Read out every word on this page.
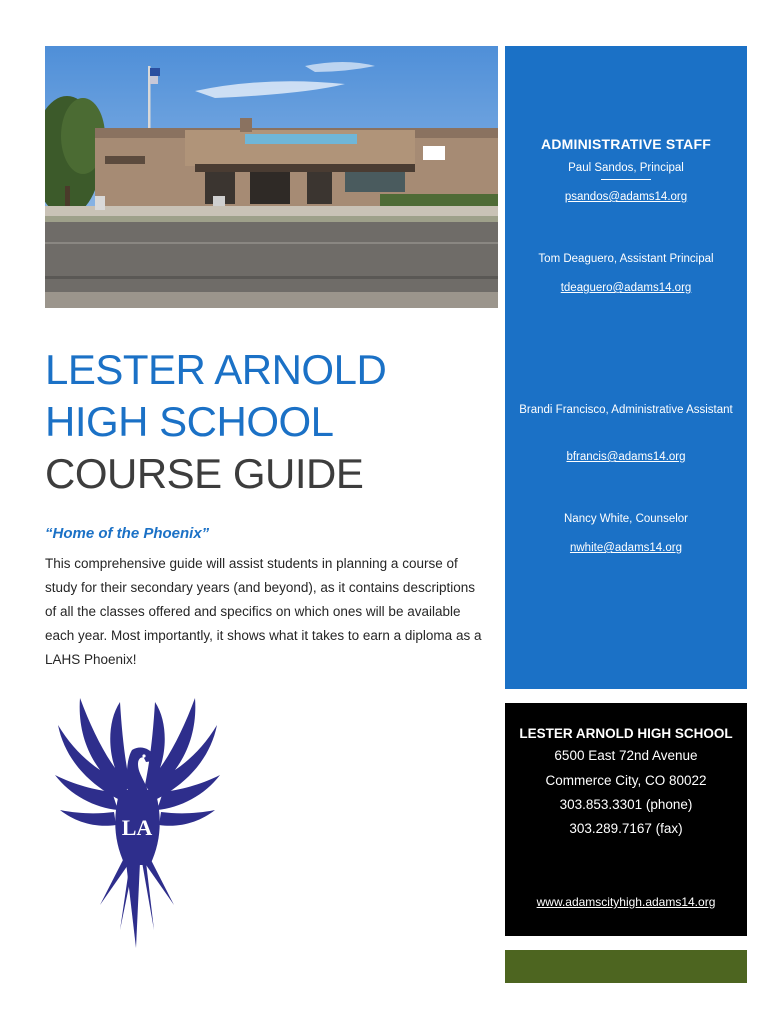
LESTER ARNOLD

HIGH SCHOOL

COURSE GUIDE

“Home of the Phoenix”

This comprehensive guide will assist students in planning a course of study for their secondary years (and beyond), as it contains descriptions of all the classes offered and specifics on which ones will be available each year. Most importantly, it shows what it takes to earn a diploma as a LAHS Phoenix!

ADMINISTRATIVE STAFF
Paul Sandos, Principal
psandos@adams14.org
Tom Deaguero, Assistant Principal
tdeaguero@adams14.org
Brandi Francisco, Administrative Assistant
bfrancis@adams14.org
Nancy White, Counselor
nwhite@adams14.org
LESTER ARNOLD HIGH SCHOOL
6500 East 72nd Avenue
Commerce City, CO 80022
303.853.3301 (phone)
303.289.7167 (fax)
www.adamscityhigh.adams14.org
LA
